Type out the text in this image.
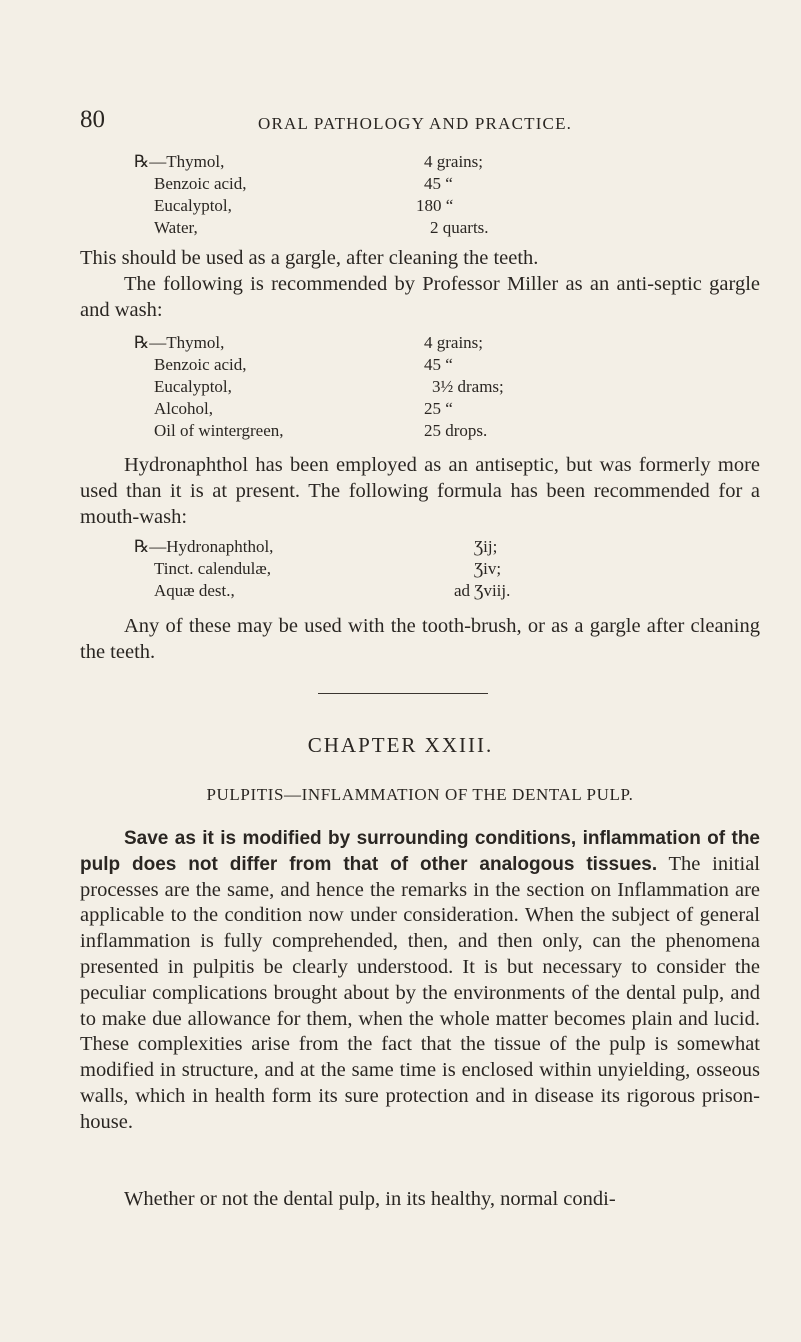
80	ORAL PATHOLOGY AND PRACTICE.
℞—Thymol,	4 grains;
Benzoic acid,	45 “
Eucalyptol,	180 “
Water,	2 quarts.

This should be used as a gargle, after cleaning the teeth.

The following is recommended by Professor Miller as an anti-septic gargle and wash:

℞—Thymol,	4 grains;
Benzoic acid,	45 “
Eucalyptol,	3½ drams;
Alcohol,	25 “
Oil of wintergreen,	25 drops.

Hydronaphthol has been employed as an antiseptic, but was formerly more used than it is at present. The following formula has been recommended for a mouth-wash:

℞—Hydronaphthol,	Ʒij;
Tinct. calendulæ,	Ʒiv;
Aquæ dest.,	ad Ʒviij.

Any of these may be used with the tooth-brush, or as a gargle after cleaning the teeth.

CHAPTER XXIII.
PULPITIS—INFLAMMATION OF THE DENTAL PULP.

Save as it is modified by surrounding conditions, inflammation of the pulp does not differ from that of other analogous tissues. The initial processes are the same, and hence the remarks in the section on Inflammation are applicable to the condition now under consideration. When the subject of general inflammation is fully comprehended, then, and then only, can the phenomena presented in pulpitis be clearly understood. It is but necessary to consider the peculiar complications brought about by the environments of the dental pulp, and to make due allowance for them, when the whole matter becomes plain and lucid. These complexities arise from the fact that the tissue of the pulp is somewhat modified in structure, and at the same time is enclosed within unyielding, osseous walls, which in health form its sure protection and in disease its rigorous prison-house.

Whether or not the dental pulp, in its healthy, normal condi-
